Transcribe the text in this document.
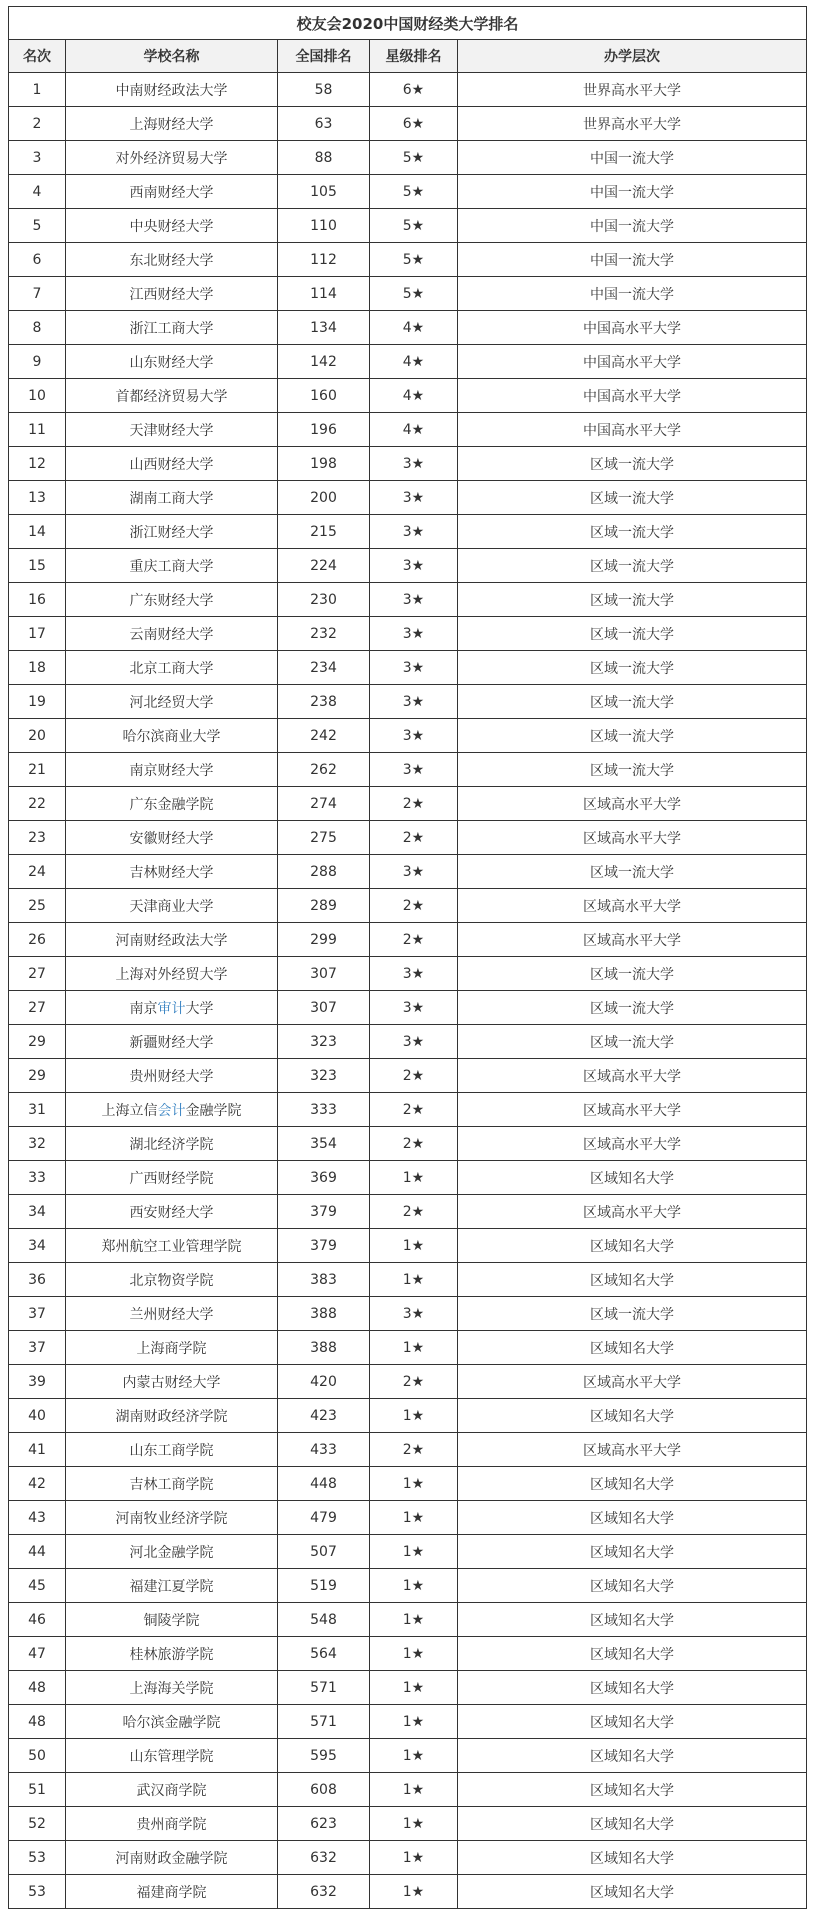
校友会2020中国财经类大学排名				
名次	学校名称	全国排名	星级排名	办学层次
1	中南财经政法大学	58	6★	世界高水平大学
2	上海财经大学	63	6★	世界高水平大学
3	对外经济贸易大学	88	5★	中国一流大学
4	西南财经大学	105	5★	中国一流大学
5	中央财经大学	110	5★	中国一流大学
6	东北财经大学	112	5★	中国一流大学
7	江西财经大学	114	5★	中国一流大学
8	浙江工商大学	134	4★	中国高水平大学
9	山东财经大学	142	4★	中国高水平大学
10	首都经济贸易大学	160	4★	中国高水平大学
11	天津财经大学	196	4★	中国高水平大学
12	山西财经大学	198	3★	区域一流大学
13	湖南工商大学	200	3★	区域一流大学
14	浙江财经大学	215	3★	区域一流大学
15	重庆工商大学	224	3★	区域一流大学
16	广东财经大学	230	3★	区域一流大学
17	云南财经大学	232	3★	区域一流大学
18	北京工商大学	234	3★	区域一流大学
19	河北经贸大学	238	3★	区域一流大学
20	哈尔滨商业大学	242	3★	区域一流大学
21	南京财经大学	262	3★	区域一流大学
22	广东金融学院	274	2★	区域高水平大学
23	安徽财经大学	275	2★	区域高水平大学
24	吉林财经大学	288	3★	区域一流大学
25	天津商业大学	289	2★	区域高水平大学
26	河南财经政法大学	299	2★	区域高水平大学
27	上海对外经贸大学	307	3★	区域一流大学
27	南京审计大学	307	3★	区域一流大学
29	新疆财经大学	323	3★	区域一流大学
29	贵州财经大学	323	2★	区域高水平大学
31	上海立信会计金融学院	333	2★	区域高水平大学
32	湖北经济学院	354	2★	区域高水平大学
33	广西财经学院	369	1★	区域知名大学
34	西安财经大学	379	2★	区域高水平大学
34	郑州航空工业管理学院	379	1★	区域知名大学
36	北京物资学院	383	1★	区域知名大学
37	兰州财经大学	388	3★	区域一流大学
37	上海商学院	388	1★	区域知名大学
39	内蒙古财经大学	420	2★	区域高水平大学
40	湖南财政经济学院	423	1★	区域知名大学
41	山东工商学院	433	2★	区域高水平大学
42	吉林工商学院	448	1★	区域知名大学
43	河南牧业经济学院	479	1★	区域知名大学
44	河北金融学院	507	1★	区域知名大学
45	福建江夏学院	519	1★	区域知名大学
46	铜陵学院	548	1★	区域知名大学
47	桂林旅游学院	564	1★	区域知名大学
48	上海海关学院	571	1★	区域知名大学
48	哈尔滨金融学院	571	1★	区域知名大学
50	山东管理学院	595	1★	区域知名大学
51	武汉商学院	608	1★	区域知名大学
52	贵州商学院	623	1★	区域知名大学
53	河南财政金融学院	632	1★	区域知名大学
53	福建商学院	632	1★	区域知名大学
